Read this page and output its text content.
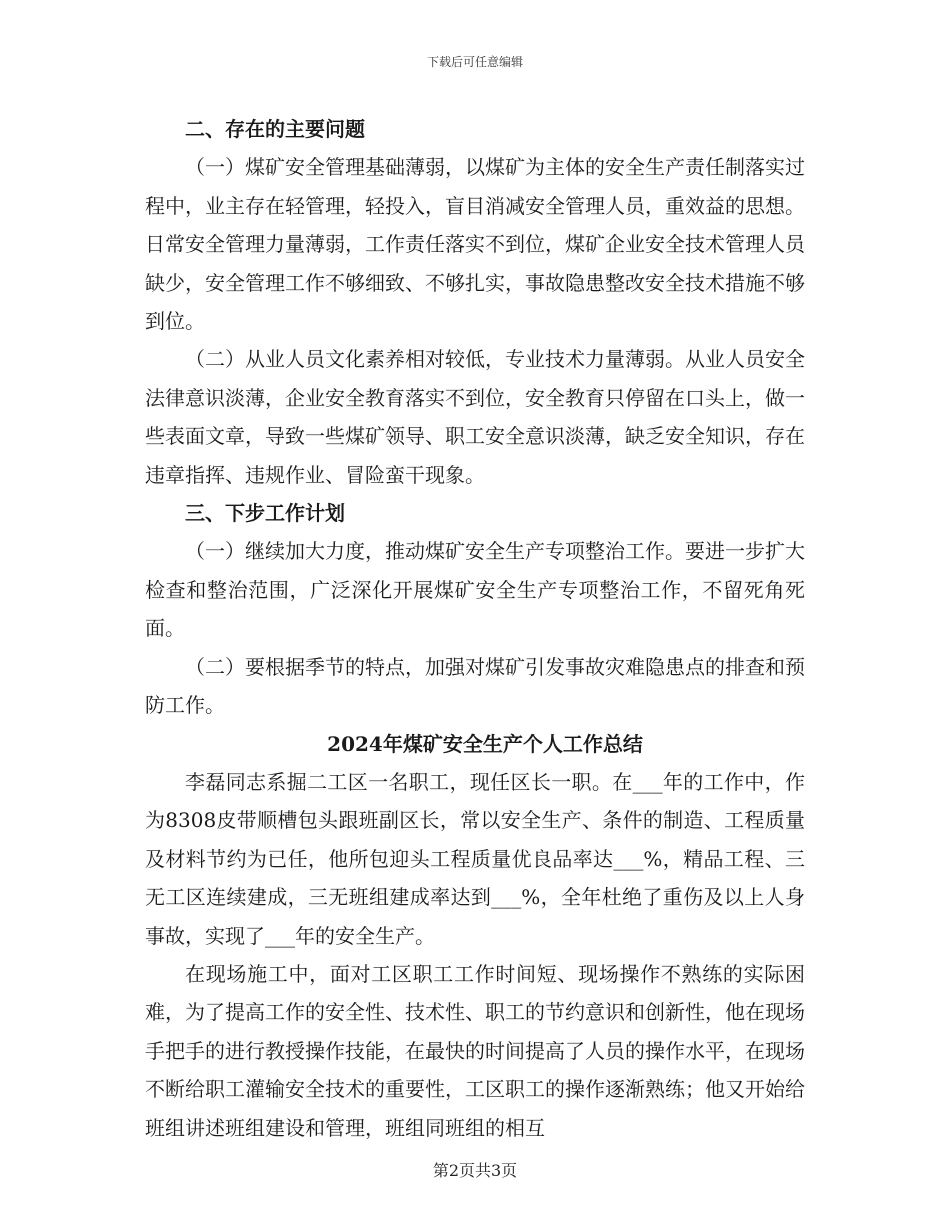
下载后可任意编辑

二、存在的主要问题

（一）煤矿安全管理基础薄弱，以煤矿为主体的安全生产责任制落实过程中，业主存在轻管理，轻投入，盲目消减安全管理人员，重效益的思想。日常安全管理力量薄弱，工作责任落实不到位，煤矿企业安全技术管理人员缺少，安全管理工作不够细致、不够扎实，事故隐患整改安全技术措施不够到位。

（二）从业人员文化素养相对较低，专业技术力量薄弱。从业人员安全法律意识淡薄，企业安全教育落实不到位，安全教育只停留在口头上，做一些表面文章，导致一些煤矿领导、职工安全意识淡薄，缺乏安全知识，存在违章指挥、违规作业、冒险蛮干现象。

三、下步工作计划

（一）继续加大力度，推动煤矿安全生产专项整治工作。要进一步扩大检查和整治范围，广泛深化开展煤矿安全生产专项整治工作，不留死角死面。

（二）要根据季节的特点，加强对煤矿引发事故灾难隐患点的排查和预防工作。

2024年煤矿安全生产个人工作总结

李磊同志系掘二工区一名职工，现任区长一职。在___年的工作中，作为8308皮带顺槽包头跟班副区长，常以安全生产、条件的制造、工程质量及材料节约为已任，他所包迎头工程质量优良品率达___%，精品工程、三无工区连续建成，三无班组建成率达到___%，全年杜绝了重伤及以上人身事故，实现了___年的安全生产。

在现场施工中，面对工区职工工作时间短、现场操作不熟练的实际困难，为了提高工作的安全性、技术性、职工的节约意识和创新性，他在现场手把手的进行教授操作技能，在最快的时间提高了人员的操作水平，在现场不断给职工灌输安全技术的重要性，工区职工的操作逐渐熟练；他又开始给班组讲述班组建设和管理，班组同班组的相互

第2页共3页
